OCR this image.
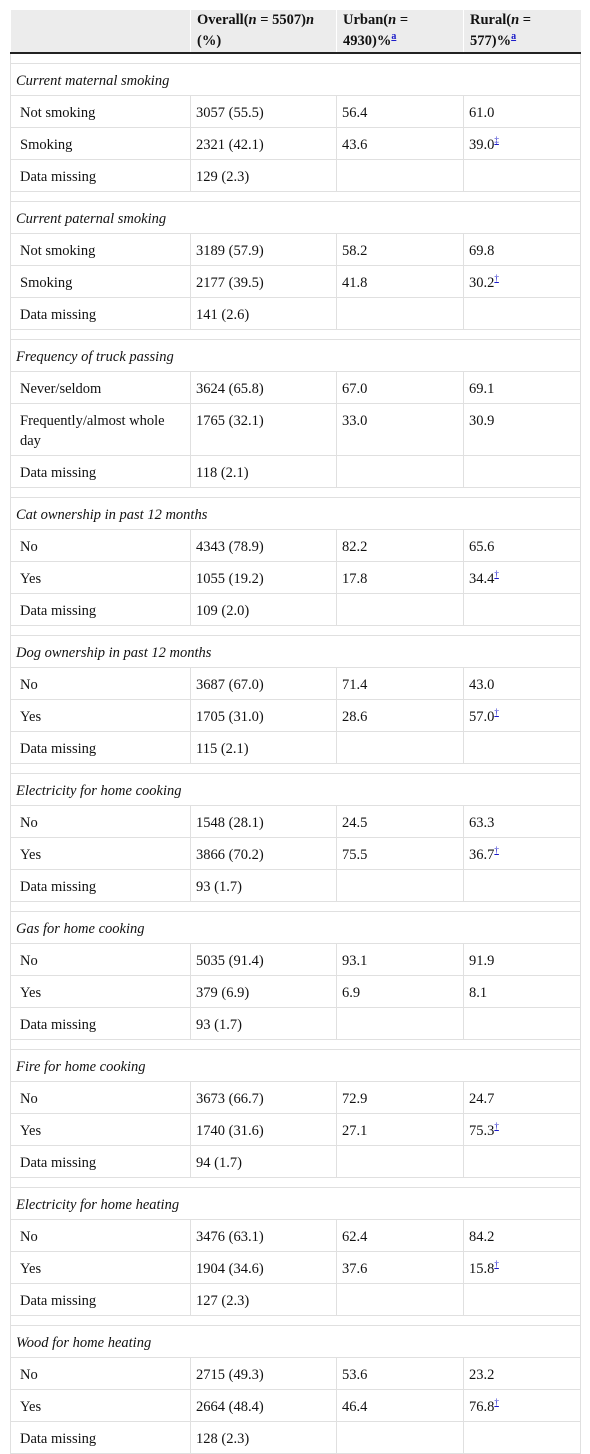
	Overall(n = 5507)n (%)	Urban(n = 4930)%$^a$	Rural(n = 577)%$^a$

Current maternal smoking			
Not smoking	3057 (55.5)	56.4	61.0
Smoking	2321 (42.1)	43.6	39.0‡
Data missing	129 (2.3)		

Current paternal smoking			
Not smoking	3189 (57.9)	58.2	69.8
Smoking	2177 (39.5)	41.8	30.2†
Data missing	141 (2.6)		

Frequency of truck passing			
Never/seldom	3624 (65.8)	67.0	69.1
Frequently/almost whole day	1765 (32.1)	33.0	30.9
Data missing	118 (2.1)		

Cat ownership in past 12 months			
No	4343 (78.9)	82.2	65.6
Yes	1055 (19.2)	17.8	34.4†
Data missing	109 (2.0)		

Dog ownership in past 12 months			
No	3687 (67.0)	71.4	43.0
Yes	1705 (31.0)	28.6	57.0†
Data missing	115 (2.1)		

Electricity for home cooking			
No	1548 (28.1)	24.5	63.3
Yes	3866 (70.2)	75.5	36.7†
Data missing	93 (1.7)		

Gas for home cooking			
No	5035 (91.4)	93.1	91.9
Yes	379 (6.9)	6.9	8.1
Data missing	93 (1.7)		

Fire for home cooking			
No	3673 (66.7)	72.9	24.7
Yes	1740 (31.6)	27.1	75.3†
Data missing	94 (1.7)		

Electricity for home heating			
No	3476 (63.1)	62.4	84.2
Yes	1904 (34.6)	37.6	15.8†
Data missing	127 (2.3)		

Wood for home heating			
No	2715 (49.3)	53.6	23.2
Yes	2664 (48.4)	46.4	76.8†
Data missing	128 (2.3)		
